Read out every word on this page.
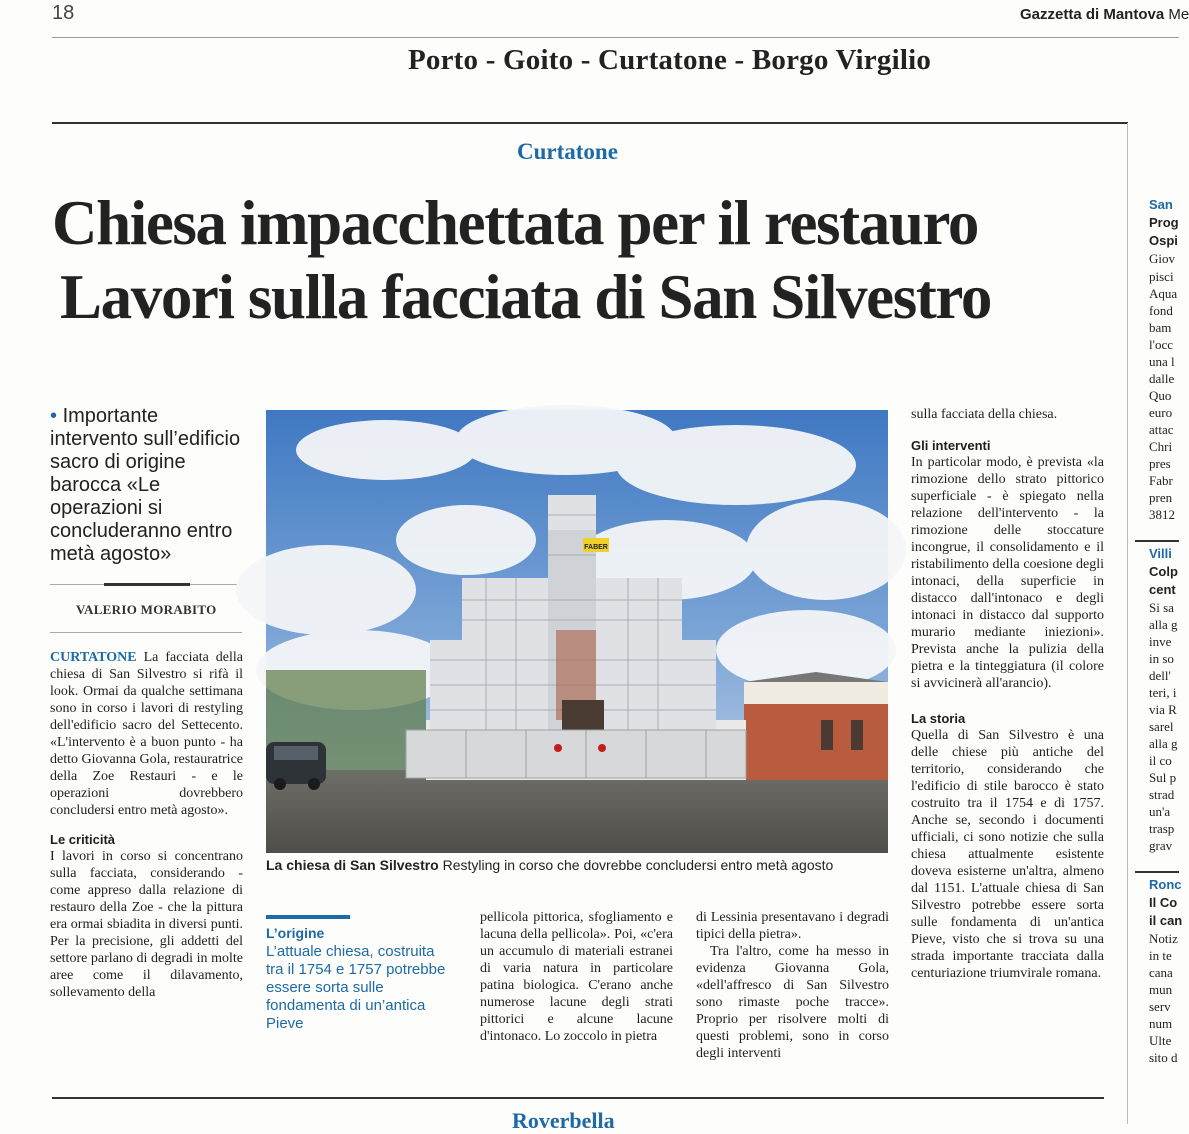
18	Gazzetta di Mantova Me
Porto - Goito - Curtatone - Borgo Virgilio
Curtatone
Chiesa impacchettata per il restauro
Lavori sulla facciata di San Silvestro
• Importante intervento sull’edificio sacro di origine barocca «Le operazioni si concluderanno entro metà agosto»
VALERIO MORABITO

CURTATONE La facciata della chiesa di San Silvestro si rifà il look. Ormai da qualche settimana sono in corso i lavori di restyling dell'edificio sacro del Settecento. «L'intervento è a buon punto - ha detto Giovanna Gola, restauratrice della Zoe Restauri - e le operazioni dovrebbero concludersi entro metà agosto».

Le criticità

I lavori in corso si concentrano sulla facciata, considerando - come appreso dalla relazione di restauro della Zoe - che la pittura era ormai sbiadita in diversi punti. Per la precisione, gli addetti del settore parlano di degradi in molte aree come il dilavamento, sollevamento della

FABER
La chiesa di San Silvestro Restyling in corso che dovrebbe concludersi entro metà agosto
L’origine
L’attuale chiesa, costruita tra il 1754 e 1757 potrebbe essere sorta sulle fondamenta di un’antica Pieve

pellicola pittorica, sfogliamento e lacuna della pellicola». Poi, «c'era un accumulo di materiali estranei di varia natura in particolare patina biologica. C'erano anche numerose lacune degli strati pittorici e alcune lacune d'intonaco. Lo zoccolo in pietra

di Lessinia presentavano i degradi tipici della pietra».

Tra l'altro, come ha messo in evidenza Giovanna Gola, «dell'affresco di San Silvestro sono rimaste poche tracce». Proprio per risolvere molti di questi problemi, sono in corso degli interventi

sulla facciata della chiesa.

Gli interventi

In particolar modo, è prevista «la rimozione dello strato pittorico superficiale - è spiegato nella relazione dell'intervento - la rimozione delle stoccature incongrue, il consolidamento e il ristabilimento della coesione degli intonaci, della superficie in distacco dall'intonaco e degli intonaci in distacco dal supporto murario mediante iniezioni». Prevista anche la pulizia della pietra e la tinteggiatura (il colore si avvicinerà all'arancio).

La storia

Quella di San Silvestro è una delle chiese più antiche del territorio, considerando che l'edificio di stile barocco è stato costruito tra il 1754 e di 1757. Anche se, secondo i documenti ufficiali, ci sono notizie che sulla chiesa attualmente esistente doveva esisterne un'altra, almeno dal 1151. L'attuale chiesa di San Silvestro potrebbe essere sorta sulle fondamenta di un'antica Pieve, visto che si trova su una strada importante tracciata dalla centuriazione triumvirale romana.

San
Prog
Ospi
Giov
pisci
Aqua
fond
bam
l'occ
una l
dalle
Quo
euro
attac
Chri
pres
Fabr
pren
3812
Villi
Colp
cent
Si sa
alla g
inve
in so
dell'
teri, i
via R
sarel
alla g
il co
Sul p
strad
un'a
trasp
grav
Ronc
Il Co
il can
Notiz
in te
cana
mun
serv
num
Ulte
sito d
Roverbella
